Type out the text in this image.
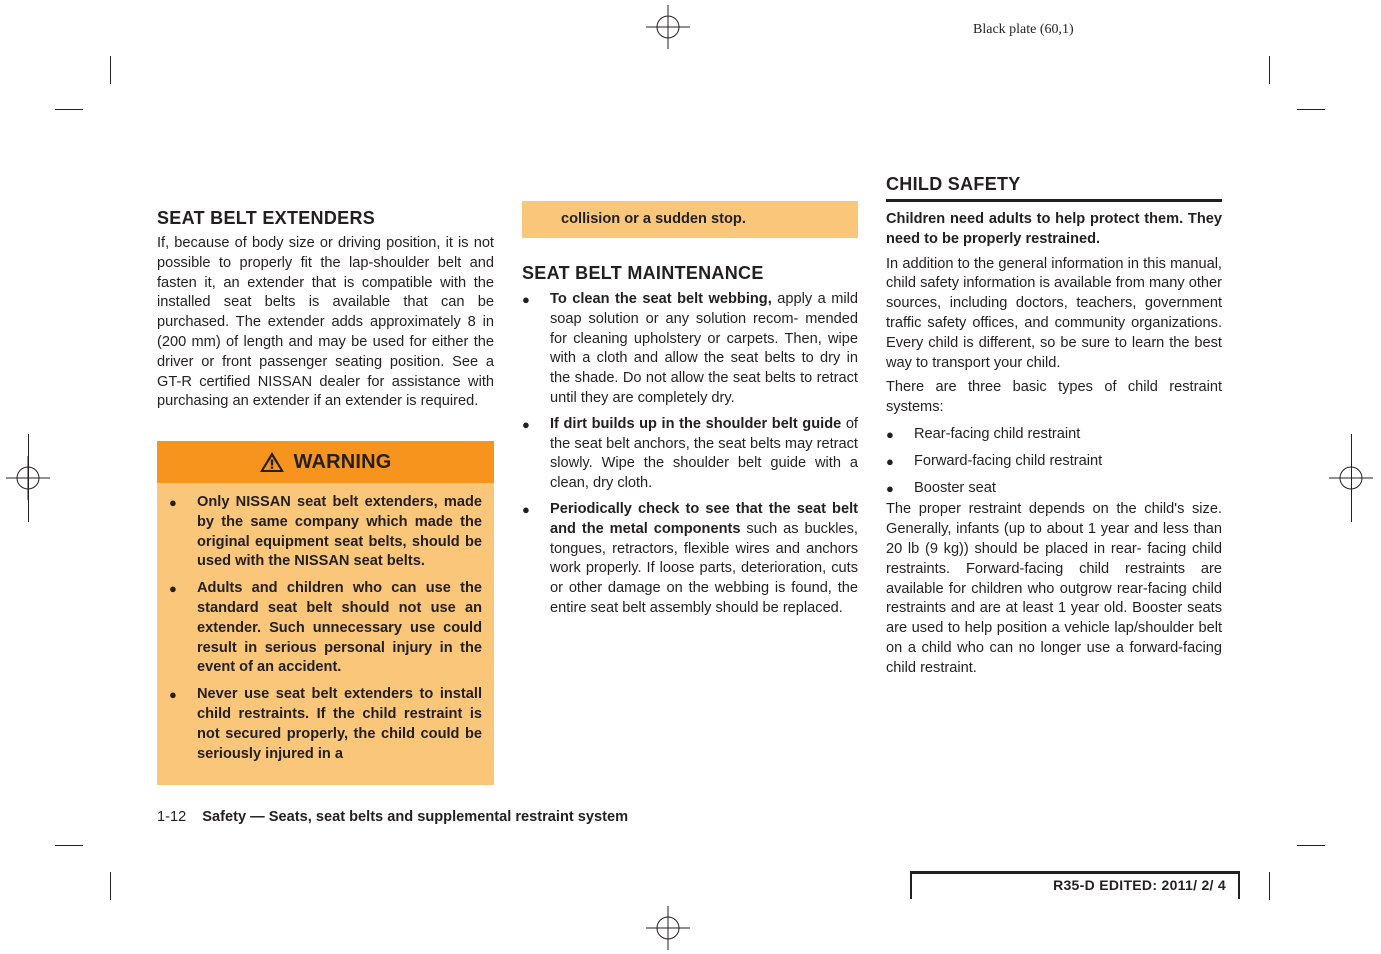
Black plate (60,1)
SEAT BELT EXTENDERS

If, because of body size or driving position, it is not possible to properly fit the lap-shoulder belt and fasten it, an extender that is compatible with the installed seat belts is available that can be purchased. The extender adds approximately 8 in (200 mm) of length and may be used for either the driver or front passenger seating position. See a GT-R certified NISSAN dealer for assistance with purchasing an extender if an extender is required.

WARNING
● Only NISSAN seat belt extenders, made by the same company which made the original equipment seat belts, should be used with the NISSAN seat belts.
● Adults and children who can use the standard seat belt should not use an extender. Such unnecessary use could result in serious personal injury in the event of an accident.
● Never use seat belt extenders to install child restraints. If the child restraint is not secured properly, the child could be seriously injured in a
collision or a sudden stop.
SEAT BELT MAINTENANCE
● To clean the seat belt webbing, apply a mild soap solution or any solution recom- mended for cleaning upholstery or carpets. Then, wipe with a cloth and allow the seat belts to dry in the shade. Do not allow the seat belts to retract until they are completely dry.
● If dirt builds up in the shoulder belt guide of the seat belt anchors, the seat belts may retract slowly. Wipe the shoulder belt guide with a clean, dry cloth.
● Periodically check to see that the seat belt and the metal components such as buckles, tongues, retractors, flexible wires and anchors work properly. If loose parts, deterioration, cuts or other damage on the webbing is found, the entire seat belt assembly should be replaced.
CHILD SAFETY

Children need adults to help protect them. They need to be properly restrained.

In addition to the general information in this manual, child safety information is available from many other sources, including doctors, teachers, government traffic safety offices, and community organizations. Every child is different, so be sure to learn the best way to transport your child.

There are three basic types of child restraint systems:

● Rear-facing child restraint
● Forward-facing child restraint
● Booster seat

The proper restraint depends on the child's size. Generally, infants (up to about 1 year and less than 20 lb (9 kg)) should be placed in rear- facing child restraints. Forward-facing child restraints are available for children who outgrow rear-facing child restraints and are at least 1 year old. Booster seats are used to help position a vehicle lap/shoulder belt on a child who can no longer use a forward-facing child restraint.

1-12 Safety — Seats, seat belts and supplemental restraint system
R35-D EDITED: 2011/ 2/ 4
